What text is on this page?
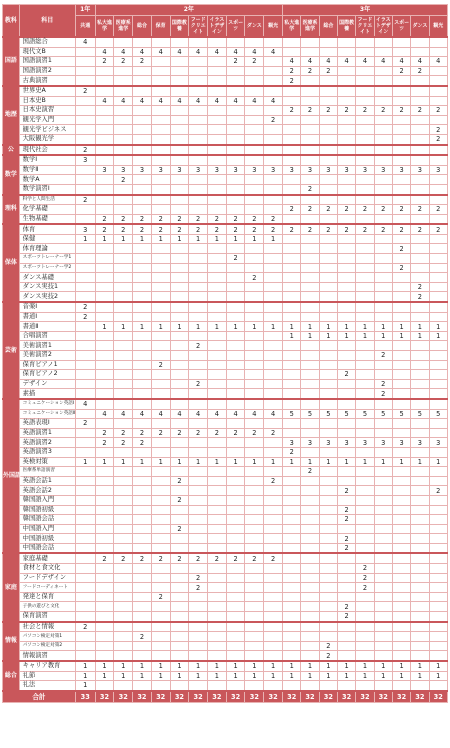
教科	科目	1年	2年										3年								
		共通	私大進学	医療系進学	総合	保育	国際教養	フードクリエイト	イラストデザイン	スポーツ	ダンス	観光	私大進学	医療系進学	総合	国際教養	フードクリエイト	イラストデザイン	スポーツ	ダンス	観光
国語	国語総合	4																			
	現代文B		4	4	4	4	4	4	4	4	4	4									
	国語演習1		2	2	2					2	2		4	4	4	4	4	4	4	4	4
	国語演習2												2	2	2				2	2	
	古典演習												2								
地歴	世界史A	2																			
	日本史B		4	4	4	4	4	4	4	4	4	4									
	日本史演習												2	2	2	2	2	2	2	2	2
	観光学入門											2									
	観光学ビジネス																				2
	大阪観光学																				2
公	現代社会	2																			
数学	数学Ⅰ	3																			
	数学Ⅱ		3	3	3	3	3	3	3	3	3	3	3	3	3	3	3	3	3	3	3
	数学A			2																	
	数学演習Ⅰ													2							
理科	科学と人間生活	2																			
	化学基礎												2	2	2	2	2	2	2	2	2
	生物基礎		2	2	2	2	2	2	2	2	2	2									
保体	体育	3	2	2	2	2	2	2	2	2	2	2	2	2	2	2	2	2	2	2	2
	保健	1	1	1	1	1	1	1	1	1	1	1									
	体育理論																		2		
	スポーツトレーナー学1									2											
	スポーツトレーナー学2																		2		
	ダンス基礎										2										
	ダンス実技1																			2	
	ダンス実技2																			2	
芸術	音楽Ⅰ	2																			
	書道Ⅰ	2																			
	書道Ⅱ		1	1	1	1	1	1	1	1	1	1	1	1	1	1	1	1	1	1	1
	合唱演習												1	1	1	1	1	1	1	1	1
	美術演習1							2													
	美術演習2																	2			
	保育ピアノ1					2															
	保育ピアノ2															2					
	デザイン							2										2			
	素描																	2			
外国語	コミュニケーション英語Ⅰ	4																			
	コミュニケーション英語Ⅱ		4	4	4	4	4	4	4	4	4	4	5	5	5	5	5	5	5	5	5
	英語表現Ⅰ	2																			
	英語演習1		2	2	2	2	2	2	2	2	2	2									
	英語演習2		2	2	2								3	3	3	3	3	3	3	3	3
	英語演習3												2								
	英検対策	1	1	1	1	1	1	1	1	1	1	1	1	1	1	1	1	1	1	1	1
	医療系単語演習													2							
	英語会話1						2					2									
	英語会話2															2					2
	韓国語入門						2														
	韓国語初級															2					
	韓国語会話															2					
	中国語入門						2														
	中国語初級															2					
	中国語会話															2					
家庭	家庭基礎		2	2	2	2	2	2	2	2	2	2									
	食材と食文化																2				
	フードデザイン							2									2				
	フードコーディネート							2									2				
	発達と保育					2															
	子供の遊びと文化															2					
	保育演習															2					
情報	社会と情報	2																			
	パソコン検定対策1				2																
	パソコン検定対策2														2						
	情報演習														2						
総合	キャリア教育	1	1	1	1	1	1	1	1	1	1	1	1	1	1	1	1	1	1	1	1
	礼節	1	1	1	1	1	1	1	1	1	1	1	1	1	1	1	1	1	1	1	1
	礼法	1																			
合計		33	32	32	32	32	32	32	32	32	32	32	32	32	32	32	32	32	32	32	32
